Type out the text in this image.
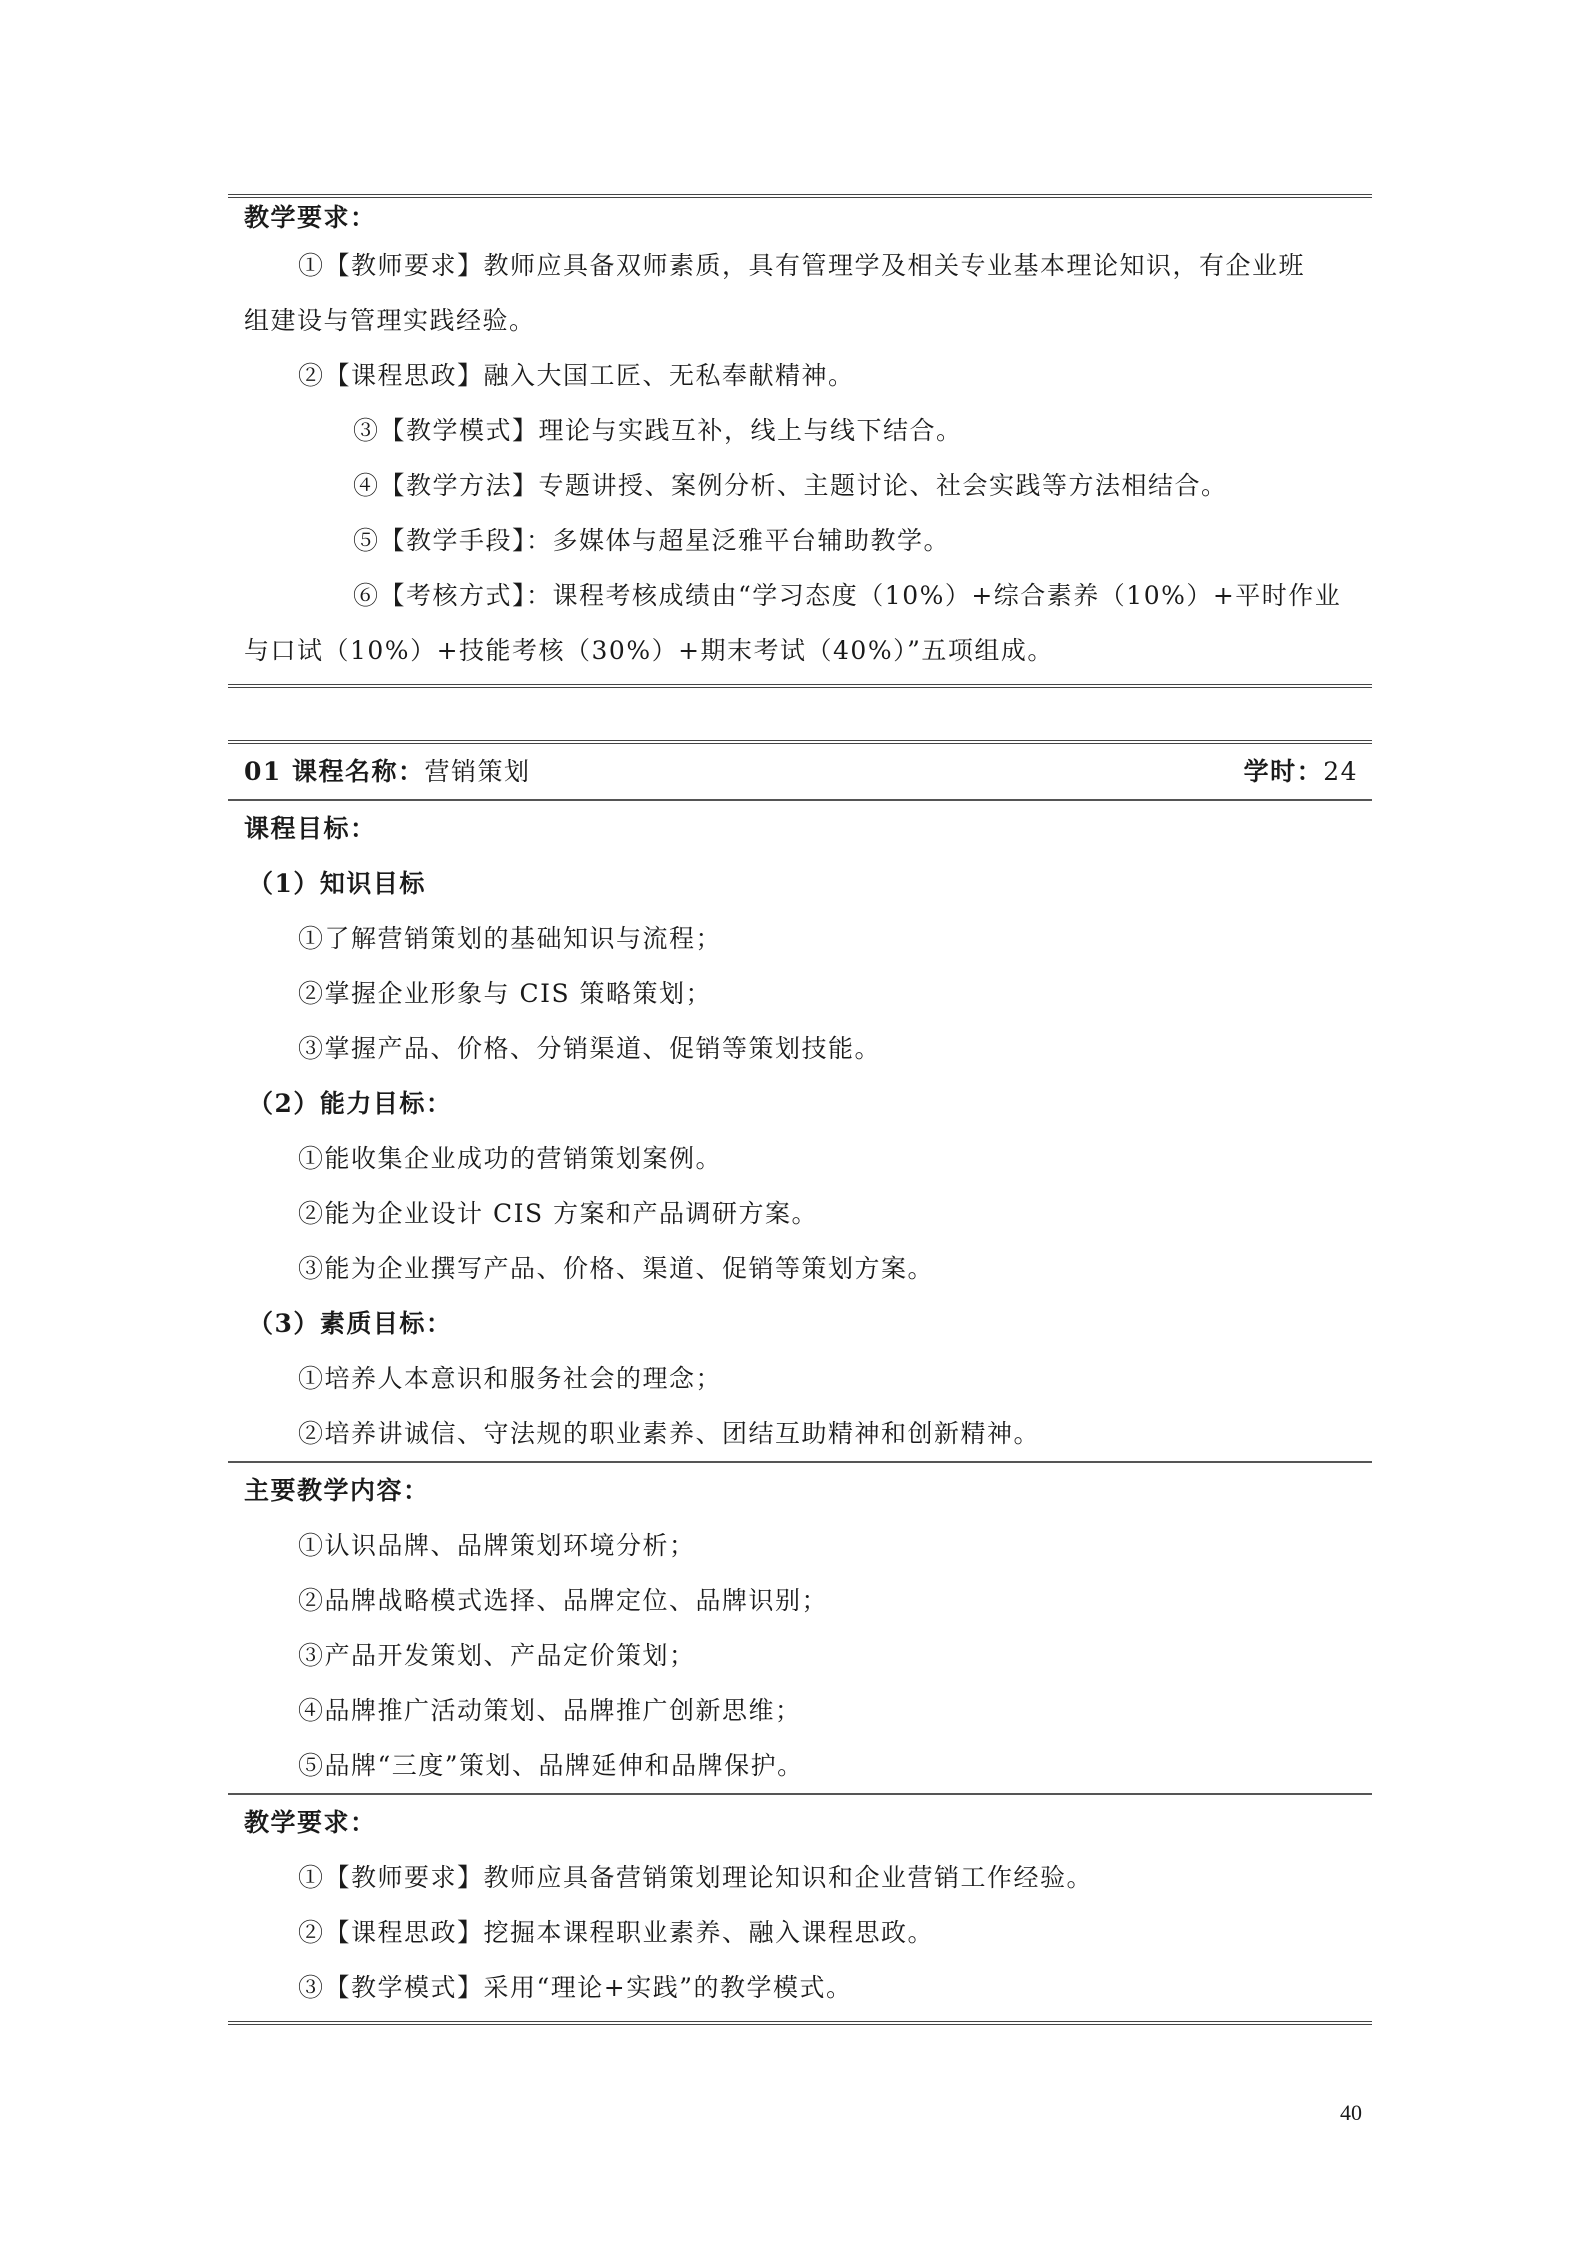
教学要求：
①【教师要求】教师应具备双师素质，具有管理学及相关专业基本理论知识，有企业班
组建设与管理实践经验。
②【课程思政】融入大国工匠、无私奉献精神。
③【教学模式】理论与实践互补，线上与线下结合。
④【教学方法】专题讲授、案例分析、主题讨论、社会实践等方法相结合。
⑤【教学手段】：多媒体与超星泛雅平台辅助教学。
⑥【考核方式】：课程考核成绩由“学习态度（10%）+综合素养（10%）+平时作业
与口试（10%）+技能考核（30%）+期末考试（40%）”五项组成。
01 课程名称：营销策划	学时：24
课程目标：
（1）知识目标
①了解营销策划的基础知识与流程；
②掌握企业形象与 CIS 策略策划；
③掌握产品、价格、分销渠道、促销等策划技能。
（2）能力目标：
①能收集企业成功的营销策划案例。
②能为企业设计 CIS 方案和产品调研方案。
③能为企业撰写产品、价格、渠道、促销等策划方案。
（3）素质目标：
①培养人本意识和服务社会的理念；
②培养讲诚信、守法规的职业素养、团结互助精神和创新精神。
主要教学内容：
①认识品牌、品牌策划环境分析；
②品牌战略模式选择、品牌定位、品牌识别；
③产品开发策划、产品定价策划；
④品牌推广活动策划、品牌推广创新思维；
⑤品牌“三度”策划、品牌延伸和品牌保护。
教学要求：
①【教师要求】教师应具备营销策划理论知识和企业营销工作经验。
②【课程思政】挖掘本课程职业素养、融入课程思政。
③【教学模式】采用“理论+实践”的教学模式。
40
